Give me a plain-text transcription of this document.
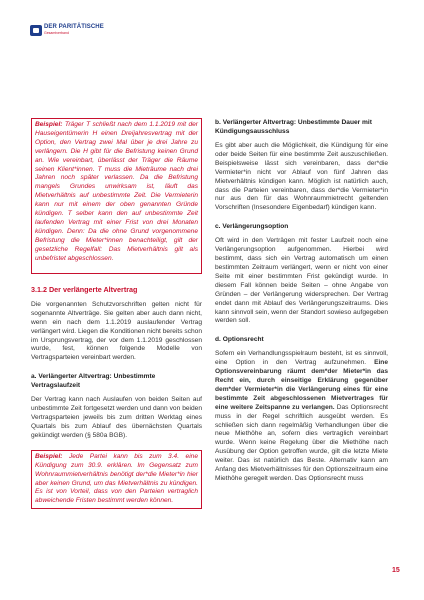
DER PARITÄTISCHE
Gesamtverband
Beispiel: Träger T schließt nach dem 1.1.2019 mit der Hauseigentümerin H einen Dreijahresvertrag mit der Option, den Vertrag zwei Mal über je drei Jahre zu verlängern. Die H gibt für die Befristung keinen Grund an. Wie vereinbart, überlässt der Träger die Räume seinen Klient*innen. T muss die Mieträume nach drei Jahren noch später verlassen. Da die Befristung mangels Grundes unwirksam ist, läuft das Mietverhältnis auf unbestimmte Zeit. Die Vermieterin kann nur mit einem der oben genannten Gründe kündigen. T selber kann den auf unbestimmte Zeit laufenden Vertrag mit einer Frist von drei Monaten kündigen. Denn: Da die ohne Grund vorgenommene Befristung die Mieter*innen benachteiligt, gilt der gesetzliche Regelfall: Das Mietverhältnis gilt als unbefristet abgeschlossen.
3.1.2 Der verlängerte Altvertrag

Die vorgenannten Schutzvorschriften gelten nicht für sogenannte Altverträge. Sie gelten aber auch dann nicht, wenn ein nach dem 1.1.2019 auslaufender Vertrag verlängert wird. Liegen die Konditionen nicht bereits schon im Ursprungsvertrag, der vor dem 1.1.2019 geschlossen wurde, fest, können folgende Modelle von Vertragsparteien vereinbart werden.

a. Verlängerter Altvertrag: Unbestimmte Vertragslaufzeit

Der Vertrag kann nach Auslaufen von beiden Seiten auf unbestimmte Zeit fortgesetzt werden und dann von beiden Vertragsparteien jeweils bis zum dritten Werktag eines Quartals bis zum Ablauf des übernächsten Quartals gekündigt werden (§ 580a BGB).

Beispiel: Jede Partei kann bis zum 3.4. eine Kündigung zum 30.9. erklären. Im Gegensatz zum Wohnraummietverhältnis benötigt der*die Mieter*in hier aber keinen Grund, um das Mietverhältnis zu kündigen. Es ist von Vorteil, dass von den Parteien vertraglich abweichende Fristen bestimmt werden können.
b. Verlängerter Altvertrag: Unbestimmte Dauer mit Kündigungsausschluss

Es gibt aber auch die Möglichkeit, die Kündigung für eine oder beide Seiten für eine bestimmte Zeit auszuschließen. Beispielsweise lässt sich vereinbaren, dass der*die Vermieter*in nicht vor Ablauf von fünf Jahren das Mietverhältnis kündigen kann. Möglich ist natürlich auch, dass die Parteien vereinbaren, dass der*die Vermieter*in nur aus den für das Wohnraummietrecht geltenden Vorschriften (Insesondere Eigenbedarf) kündigen kann.

c. Verlängerungsoption

Oft wird in den Verträgen mit fester Laufzeit noch eine Verlängerungsoption aufgenommen. Hierbei wird bestimmt, dass sich ein Vertrag automatisch um einen bestimmten Zeitraum verlängert, wenn er nicht von einer Seite mit einer bestimmten Frist gekündigt wurde. In diesem Fall können beide Seiten – ohne Angabe von Gründen – der Verlängerung widersprechen. Der Vertrag endet dann mit Ablauf des Verlängerungszeitraums. Dies kann sinnvoll sein, wenn der Standort sowieso aufgegeben werden soll.

d. Optionsrecht

Sofern ein Verhandlungsspielraum besteht, ist es sinnvoll, eine Option in den Vertrag aufzunehmen. Eine Optionsvereinbarung räumt dem*der Mieter*in das Recht ein, durch einseitige Erklärung gegenüber dem*der Vermieter*in die Verlängerung eines für eine bestimmte Zeit abgeschlossenen Mietvertrages für eine weitere Zeitspanne zu verlangen. Das Optionsrecht muss in der Regel schriftlich ausgeübt werden. Es schließen sich dann regelmäßig Verhandlungen über die neue Miethöhe an, sofern dies vertraglich vereinbart wurde. Wenn keine Regelung über die Miethöhe nach Ausübung der Option getroffen wurde, gilt die letzte Miete weiter. Das ist natürlich das Beste. Alternativ kann am Anfang des Mietverhältnisses für den Optionszeitraum eine Miethöhe geregelt werden. Das Optionsrecht muss

15
